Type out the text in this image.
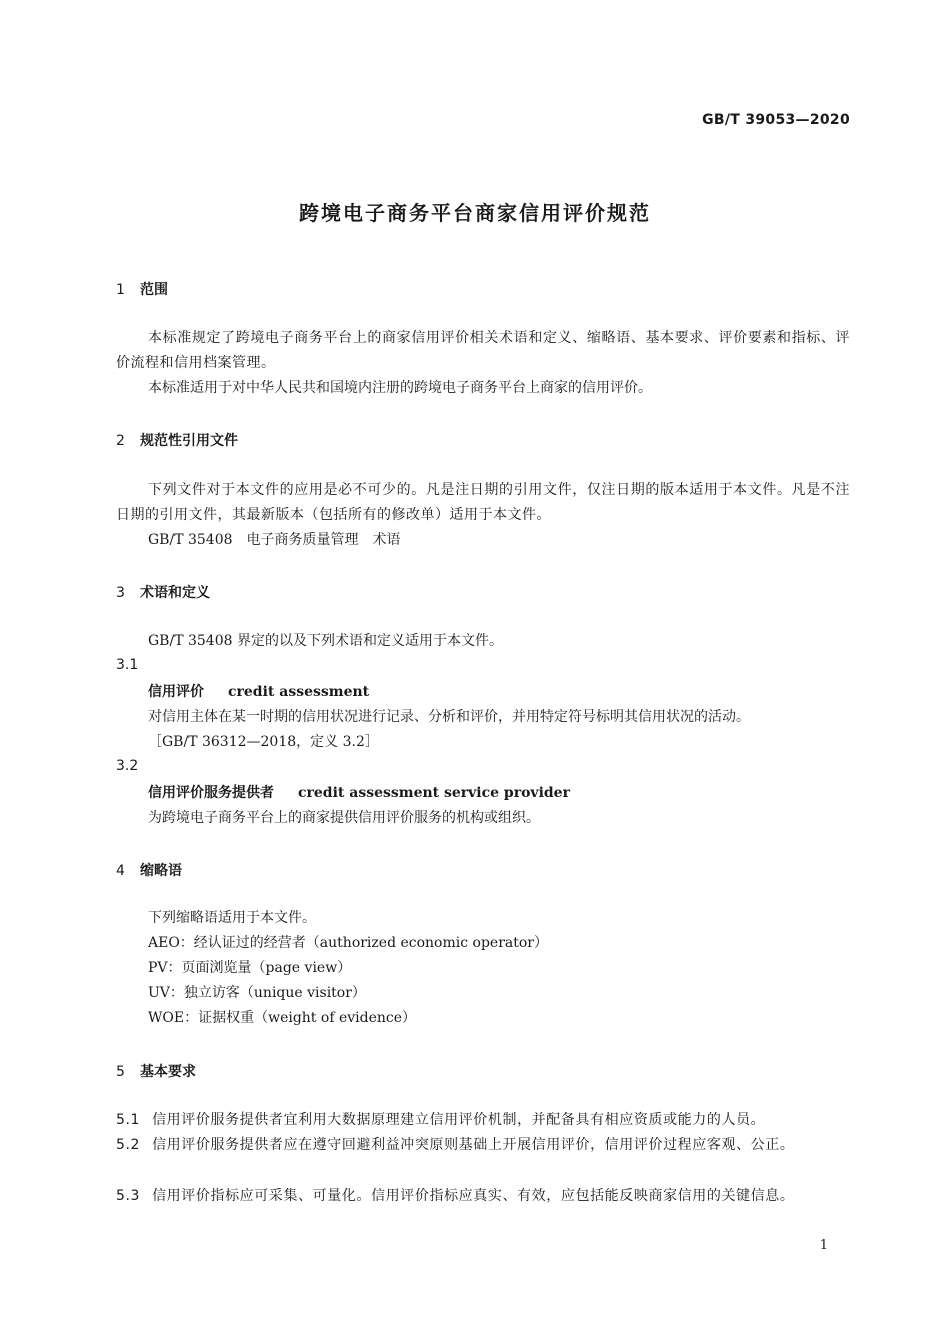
GB/T 39053—2020
跨境电子商务平台商家信用评价规范
1 范围
本标准规定了跨境电子商务平台上的商家信用评价相关术语和定义、缩略语、基本要求、评价要素和指标、评价流程和信用档案管理。
本标准适用于对中华人民共和国境内注册的跨境电子商务平台上商家的信用评价。
2 规范性引用文件
下列文件对于本文件的应用是必不可少的。凡是注日期的引用文件，仅注日期的版本适用于本文件。凡是不注日期的引用文件，其最新版本（包括所有的修改单）适用于本文件。
GB/T 35408　电子商务质量管理　术语
3 术语和定义
GB/T 35408 界定的以及下列术语和定义适用于本文件。
3.1
信用评价 credit assessment
对信用主体在某一时期的信用状况进行记录、分析和评价，并用特定符号标明其信用状况的活动。
［GB/T 36312—2018，定义 3.2］
3.2
信用评价服务提供者 credit assessment service provider
为跨境电子商务平台上的商家提供信用评价服务的机构或组织。
4 缩略语
下列缩略语适用于本文件。
AEO：经认证过的经营者（authorized economic operator）
PV：页面浏览量（page view）
UV：独立访客（unique visitor）
WOE：证据权重（weight of evidence）
5 基本要求
5.1 信用评价服务提供者宜利用大数据原理建立信用评价机制，并配备具有相应资质或能力的人员。
5.2 信用评价服务提供者应在遵守回避利益冲突原则基础上开展信用评价，信用评价过程应客观、公正。
5.3 信用评价指标应可采集、可量化。信用评价指标应真实、有效，应包括能反映商家信用的关键信息。
1
